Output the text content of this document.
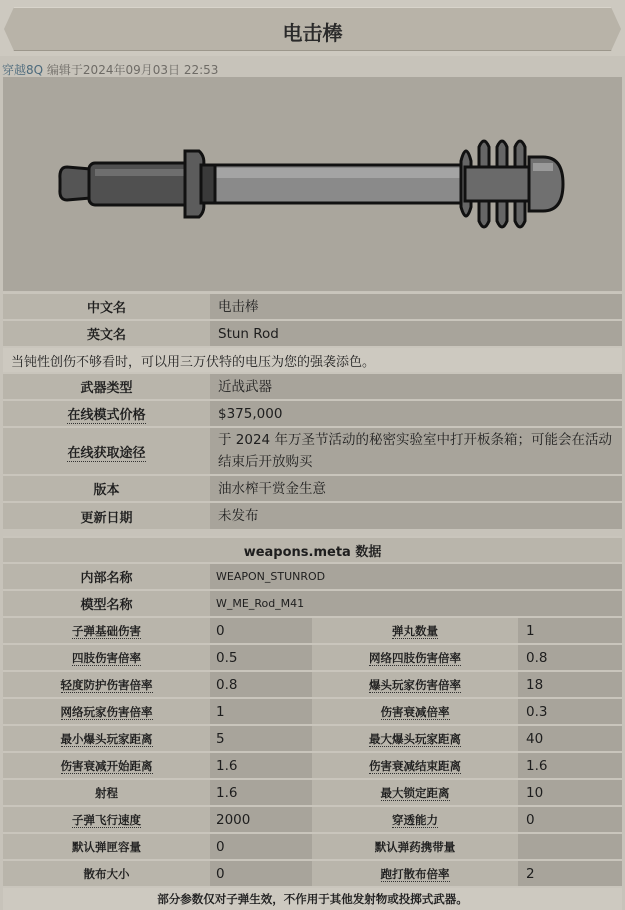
电击棒
穿越8Q 编辑于2024年09月03日 22:53
中文名	电击棒
英文名	Stun Rod
当钝性创伤不够看时，可以用三万伏特的电压为您的强袭添色。	
武器类型	近战武器
在线模式价格	$375,000
在线获取途径	于 2024 年万圣节活动的秘密实验室中打开板条箱；可能会在活动结束后开放购买
版本	油水榨干赏金生意
更新日期	未发布
weapons.meta 数据			
内部名称	WEAPON_STUNROD		
模型名称	W_ME_Rod_M41		
子弹基础伤害	0	弹丸数量	1
四肢伤害倍率	0.5	网络四肢伤害倍率	0.8
轻度防护伤害倍率	0.8	爆头玩家伤害倍率	18
网络玩家伤害倍率	1	伤害衰减倍率	0.3
最小爆头玩家距离	5	最大爆头玩家距离	40
伤害衰减开始距离	1.6	伤害衰减结束距离	1.6
射程	1.6	最大锁定距离	10
子弹飞行速度	2000	穿透能力	0
默认弹匣容量	0	默认弹药携带量	
散布大小	0	跑打散布倍率	2
部分参数仅对子弹生效，不作用于其他发射物或投掷式武器。			
